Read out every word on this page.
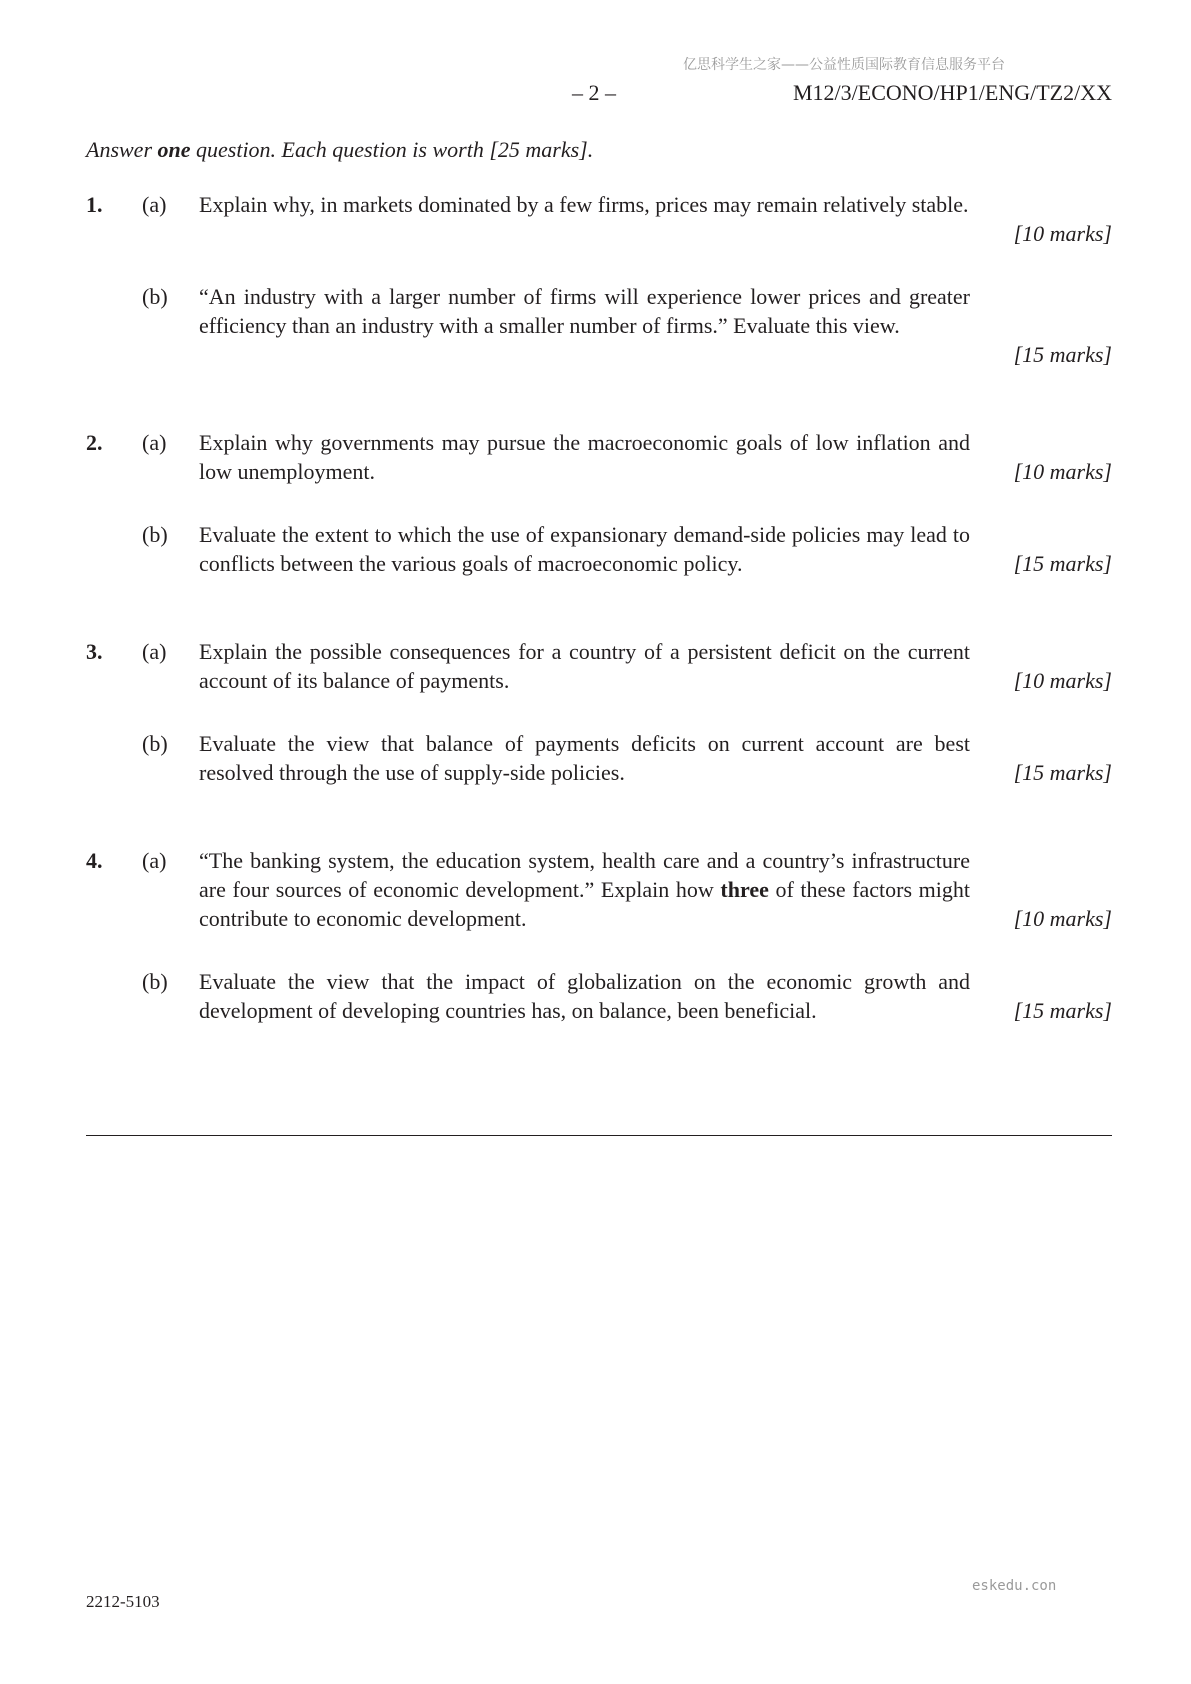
亿思科学生之家——公益性质国际教育信息服务平台
– 2 –	M12/3/ECONO/HP1/ENG/TZ2/XX
Answer one question. Each question is worth [25 marks].
1. (a) Explain why, in markets dominated by a few firms, prices may remain relatively stable.
[10 marks]
(b) “An industry with a larger number of firms will experience lower prices and greater efficiency than an industry with a smaller number of firms.” Evaluate this view.
[15 marks]
2. (a) Explain why governments may pursue the macroeconomic goals of low inflation and low unemployment.	[10 marks]
(b) Evaluate the extent to which the use of expansionary demand-side policies may lead to conflicts between the various goals of macroeconomic policy.	[15 marks]
3. (a) Explain the possible consequences for a country of a persistent deficit on the current account of its balance of payments.	[10 marks]
(b) Evaluate the view that balance of payments deficits on current account are best resolved through the use of supply-side policies.	[15 marks]
4. (a) “The banking system, the education system, health care and a country’s infrastructure are four sources of economic development.” Explain how three of these factors might contribute to economic development.	[10 marks]
(b) Evaluate the view that the impact of globalization on the economic growth and development of developing countries has, on balance, been beneficial.	[15 marks]
eskedu.con
2212-5103
